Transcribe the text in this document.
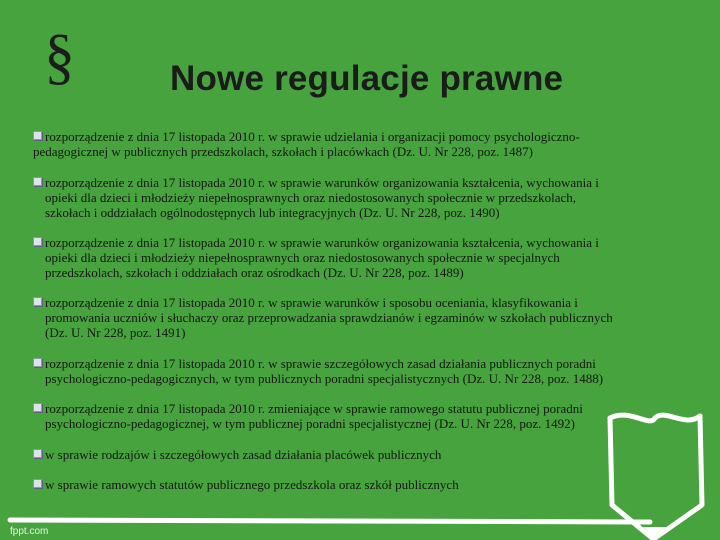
§	Nowe regulacje prawne
rozporządzenie z dnia 17 listopada 2010 r. w sprawie udzielania i organizacji pomocy psychologiczno-
pedagogicznej w publicznych przedszkolach, szkołach i placówkach (Dz. U. Nr 228, poz. 1487)
rozporządzenie z dnia 17 listopada 2010 r. w sprawie warunków organizowania kształcenia, wychowania i
opieki dla dzieci i młodzieży niepełnosprawnych oraz niedostosowanych społecznie w przedszkolach,
szkołach i oddziałach ogólnodostępnych lub integracyjnych (Dz. U. Nr 228, poz. 1490)
rozporządzenie z dnia 17 listopada 2010 r. w sprawie warunków organizowania kształcenia, wychowania i
opieki dla dzieci i młodzieży niepełnosprawnych oraz niedostosowanych społecznie w specjalnych
przedszkolach, szkołach i oddziałach oraz ośrodkach (Dz. U. Nr 228, poz. 1489)
rozporządzenie z dnia 17 listopada 2010 r. w sprawie warunków i sposobu oceniania, klasyfikowania i
promowania uczniów i słuchaczy oraz przeprowadzania sprawdzianów i egzaminów w szkołach publicznych
(Dz. U. Nr 228, poz. 1491)
rozporządzenie z dnia 17 listopada 2010 r. w sprawie szczegółowych zasad działania publicznych poradni
psychologiczno-pedagogicznych, w tym publicznych poradni specjalistycznych (Dz. U. Nr 228, poz. 1488)
rozporządzenie z dnia 17 listopada 2010 r. zmieniające w sprawie ramowego statutu publicznej poradni
psychologiczno-pedagogicznej, w tym publicznej poradni specjalistycznej (Dz. U. Nr 228, poz. 1492)
w sprawie rodzajów i szczegółowych zasad działania placówek publicznych
w sprawie ramowych statutów publicznego przedszkola oraz szkół publicznych
fppt.com
